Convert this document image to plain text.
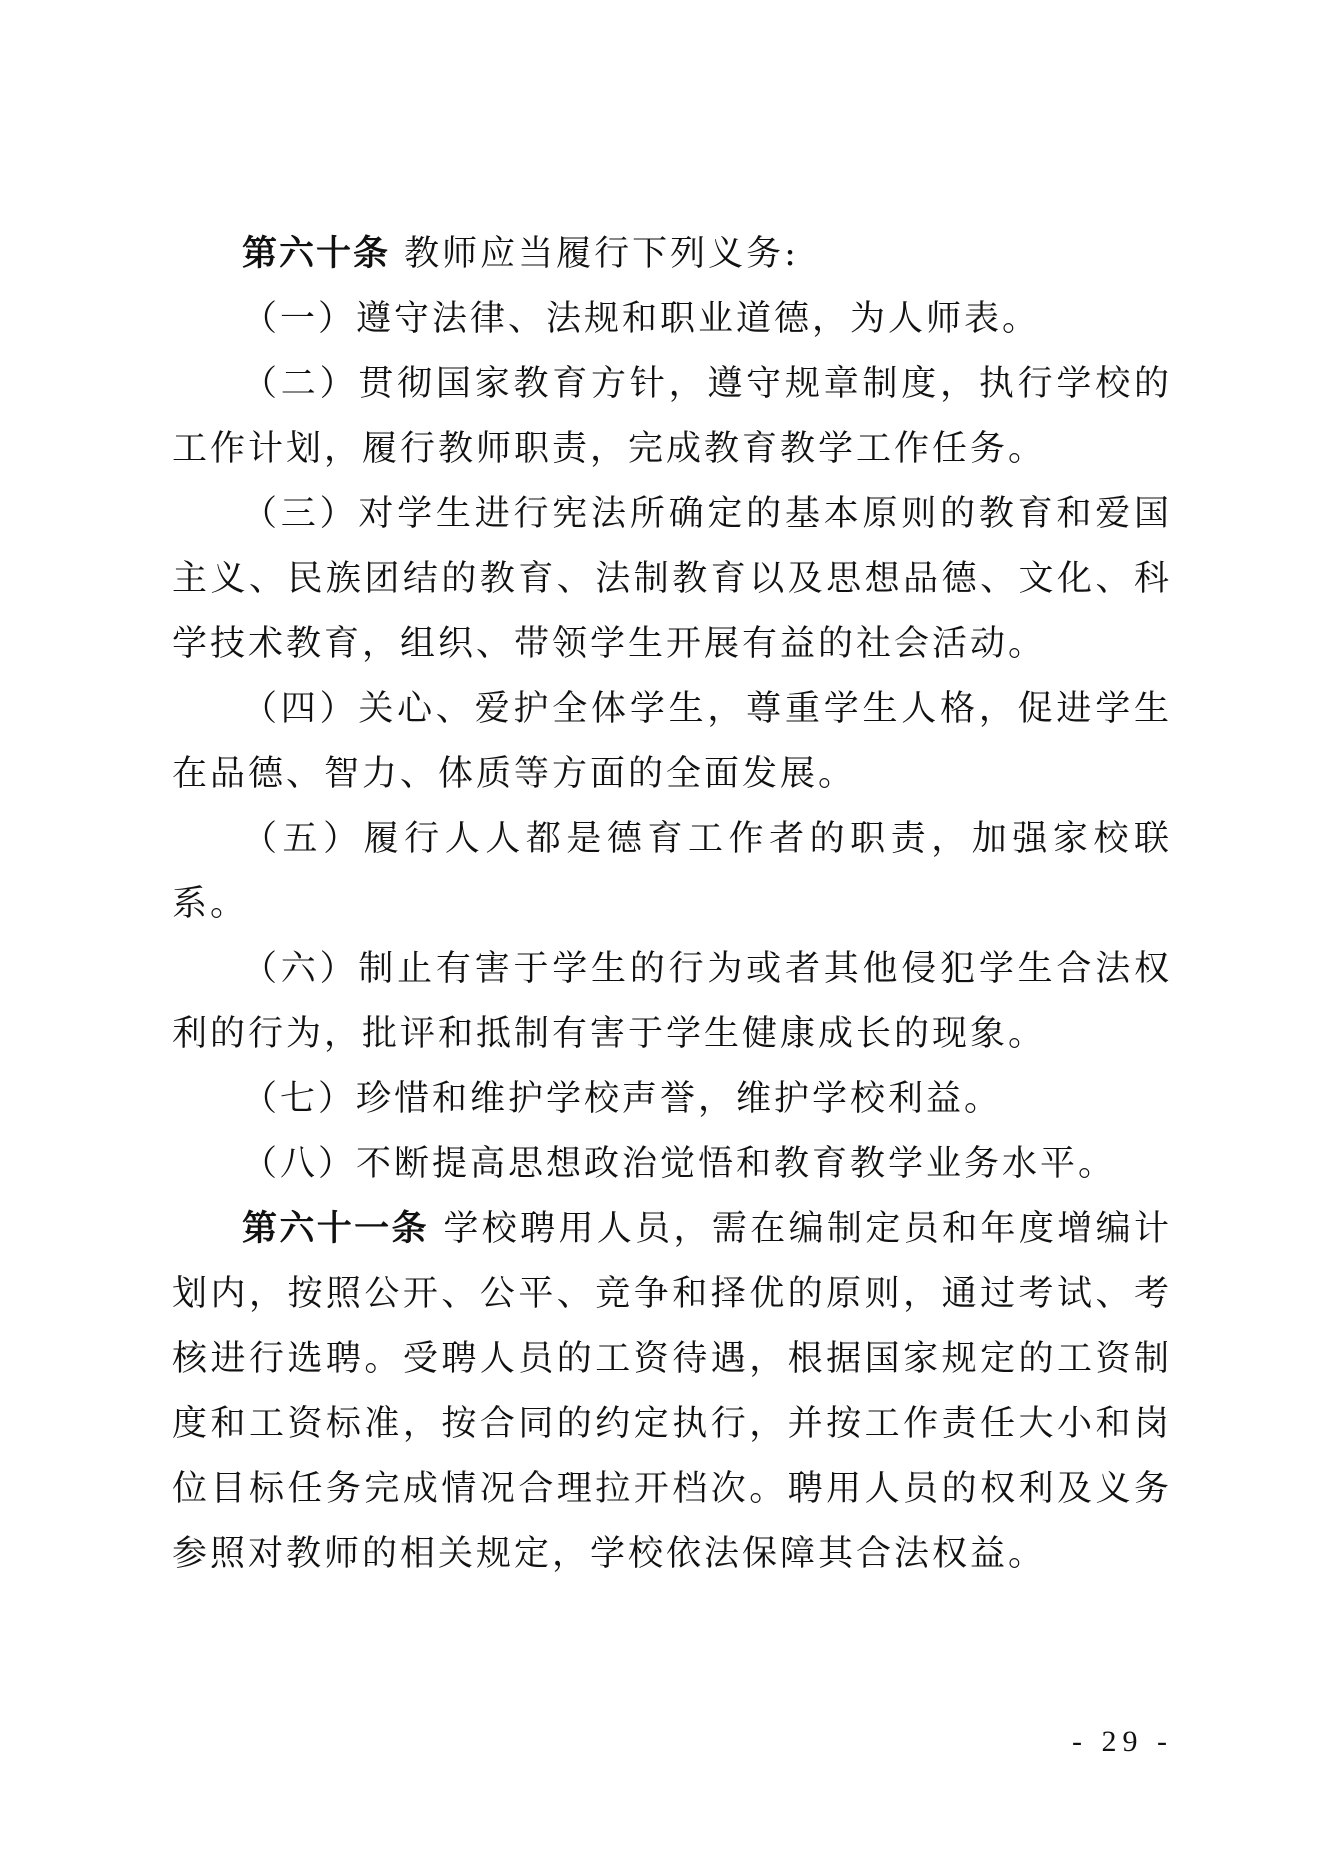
第六十条 教师应当履行下列义务:

（一）遵守法律、法规和职业道德，为人师表。

（二）贯彻国家教育方针，遵守规章制度，执行学校的工作计划，履行教师职责，完成教育教学工作任务。

（三）对学生进行宪法所确定的基本原则的教育和爱国主义、民族团结的教育、法制教育以及思想品德、文化、科学技术教育，组织、带领学生开展有益的社会活动。

（四）关心、爱护全体学生，尊重学生人格，促进学生在品德、智力、体质等方面的全面发展。

（五）履行人人都是德育工作者的职责，加强家校联系。

（六）制止有害于学生的行为或者其他侵犯学生合法权利的行为，批评和抵制有害于学生健康成长的现象。

（七）珍惜和维护学校声誉，维护学校利益。

（八）不断提高思想政治觉悟和教育教学业务水平。

第六十一条 学校聘用人员，需在编制定员和年度增编计划内，按照公开、公平、竞争和择优的原则，通过考试、考核进行选聘。受聘人员的工资待遇，根据国家规定的工资制度和工资标准，按合同的约定执行，并按工作责任大小和岗位目标任务完成情况合理拉开档次。聘用人员的权利及义务参照对教师的相关规定，学校依法保障其合法权益。

- 29 -
